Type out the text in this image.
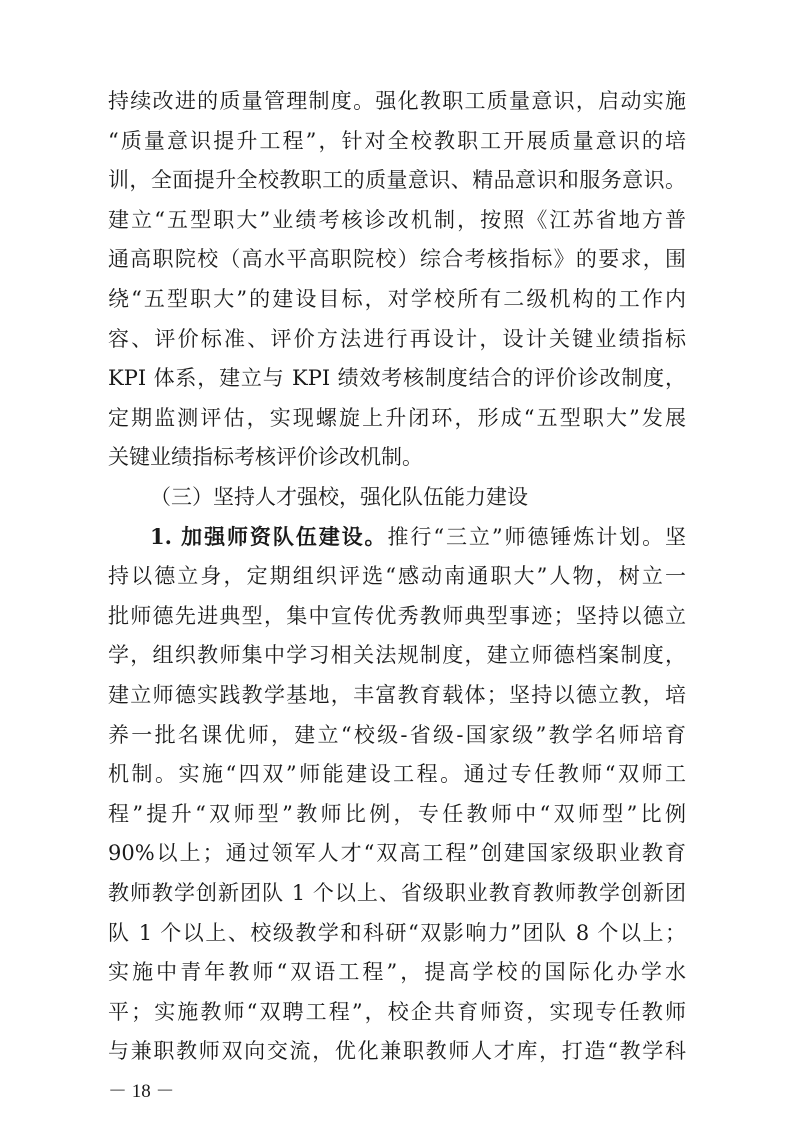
持续改进的质量管理制度。强化教职工质量意识，启动实施
“质量意识提升工程”，针对全校教职工开展质量意识的培
训，全面提升全校教职工的质量意识、精品意识和服务意识。
建立“五型职大”业绩考核诊改机制，按照《江苏省地方普
通高职院校（高水平高职院校）综合考核指标》的要求，围
绕“五型职大”的建设目标，对学校所有二级机构的工作内
容、评价标准、评价方法进行再设计，设计关键业绩指标
KPI 体系，建立与 KPI 绩效考核制度结合的评价诊改制度，
定期监测评估，实现螺旋上升闭环，形成“五型职大”发展
关键业绩指标考核评价诊改机制。
（三）坚持人才强校，强化队伍能力建设
1. 加强师资队伍建设。推行“三立”师德锤炼计划。坚
持以德立身，定期组织评选“感动南通职大”人物，树立一
批师德先进典型，集中宣传优秀教师典型事迹；坚持以德立
学，组织教师集中学习相关法规制度，建立师德档案制度，
建立师德实践教学基地，丰富教育载体；坚持以德立教，培
养一批名课优师，建立“校级-省级-国家级”教学名师培育
机制。实施“四双”师能建设工程。通过专任教师“双师工
程”提升“双师型”教师比例，专任教师中“双师型”比例
90%以上；通过领军人才“双高工程”创建国家级职业教育
教师教学创新团队 1 个以上、省级职业教育教师教学创新团
队 1 个以上、校级教学和科研“双影响力”团队 8 个以上；
实施中青年教师“双语工程”，提高学校的国际化办学水
平；实施教师“双聘工程”，校企共育师资，实现专任教师
－ 18 －
与兼职教师双向交流，优化兼职教师人才库，打造“教学科
